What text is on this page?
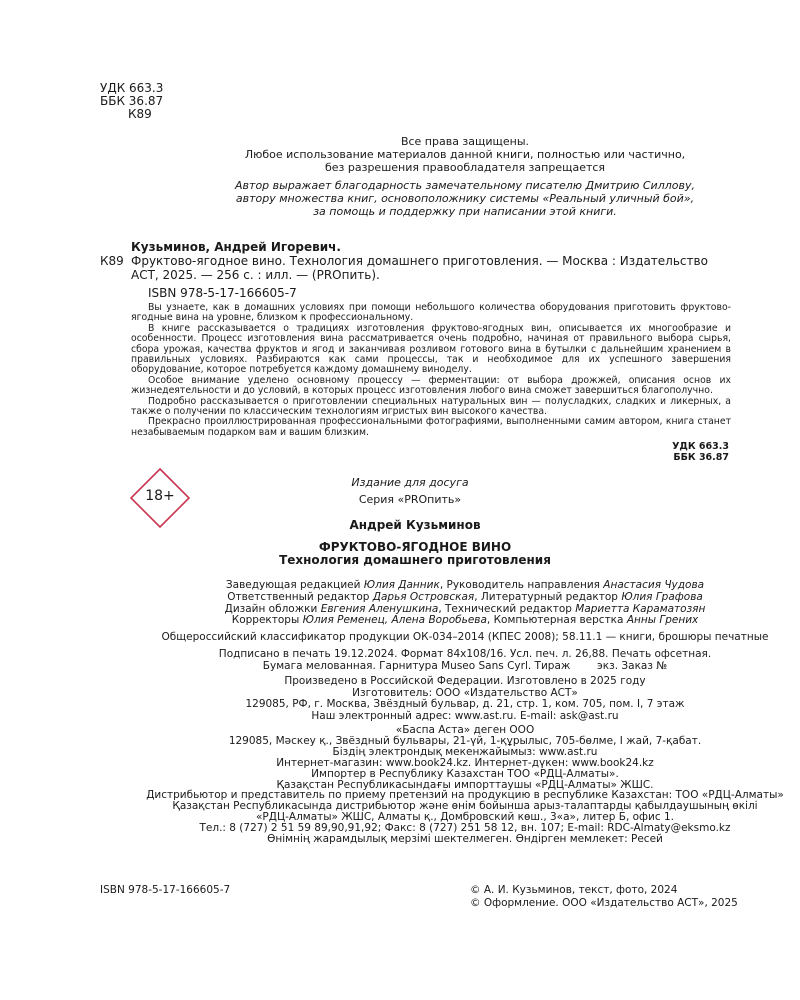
УДК 663.3
ББК 36.87
К89
Все права защищены.
Любое использование материалов данной книги, полностью или частично,
без разрешения правообладателя запрещается
Автор выражает благодарность замечательному писателю Дмитрию Силлову,
автору множества книг, основоположнику системы «Реальный уличный бой»,
за помощь и поддержку при написании этой книги.
Кузьминов, Андрей Игоревич.
К89 Фруктово-ягодное вино. Технология домашнего приготовления. — Москва : Издательство АСТ, 2025. — 256 с. : илл. — (PROпить).
ISBN 978-5-17-166605-7

Вы узнаете, как в домашних условиях при помощи небольшого количества оборудования приготовить фруктово-ягодные вина на уровне, близком к профессиональному.

В книге рассказывается о традициях изготовления фруктово-ягодных вин, описывается их многообразие и особенности. Процесс изготовления вина рассматривается очень подробно, начиная от правильного выбора сырья, сбора урожая, качества фруктов и ягод и заканчивая розливом готового вина в бутылки с дальнейшим хранением в правильных условиях. Разбираются как сами процессы, так и необходимое для их успешного завершения оборудование, которое потребуется каждому домашнему виноделу.

Особое внимание уделено основному процессу — ферментации: от выбора дрожжей, описания основ их жизнедеятельности и до условий, в которых процесс изготовления любого вина сможет завершиться благополучно.

Подробно рассказывается о приготовлении специальных натуральных вин — полусладких, сладких и ликерных, а также о получении по классическим технологиям игристых вин высокого качества.

Прекрасно проиллюстрированная профессиональными фотографиями, выполненными самим автором, книга станет незабываемым подарком вам и вашим близким.

УДК 663.3
ББК 36.87
18+
Издание для досуга
Серия «PROпить»
Андрей Кузьминов
ФРУКТОВО-ЯГОДНОЕ ВИНО
Технология домашнего приготовления
Заведующая редакцией Юлия Данник, Руководитель направления Анастасия Чудова
Ответственный редактор Дарья Островская, Литературный редактор Юлия Графова
Дизайн обложки Евгения Аленушкина, Технический редактор Мариетта Караматозян
Корректоры Юлия Ременец, Алена Воробьева, Компьютерная верстка Анны Грених
Общероссийский классификатор продукции ОК-034–2014 (КПЕС 2008); 58.11.1 — книги, брошюры печатные
Подписано в печать 19.12.2024. Формат 84х108/16. Усл. печ. л. 26,88. Печать офсетная.
Бумага мелованная. Гарнитура Museo Sans Cyrl. Тираж        экз. Заказ №
Произведено в Российской Федерации. Изготовлено в 2025 году
Изготовитель: ООО «Издательство АСТ»
129085, РФ, г. Москва, Звёздный бульвар, д. 21, стр. 1, ком. 705, пом. I, 7 этаж
Наш электронный адрес: www.ast.ru. E-mail: ask@ast.ru
«Баспа Аста» деген ООО
129085, Мәскеу қ., Звёздный бульвары, 21-үй, 1-құрылыс, 705-бөлме, I жай, 7-қабат.
Біздің электрондық мекенжайымыз: www.ast.ru
Интернет-магазин: www.book24.kz. Интернет-дүкен: www.book24.kz
Импортер в Республику Казахстан ТОО «РДЦ-Алматы».
Қазақстан Республикасындағы импорттаушы «РДЦ-Алматы» ЖШС.
Дистрибьютор и представитель по приему претензий на продукцию в республике Казахстан: ТОО «РДЦ-Алматы»
Қазақстан Республикасында дистрибьютор және өнім бойынша арыз-талаптарды қабылдаушының өкілі
«РДЦ-Алматы» ЖШС, Алматы қ., Домбровский көш., 3«а», литер Б, офис 1.
Тел.: 8 (727) 2 51 59 89,90,91,92; Факс: 8 (727) 251 58 12, вн. 107; E-mail: RDC-Almaty@eksmo.kz
Өнімнің жарамдылық мерзімі шектелмеген. Өндірген мемлекет: Ресей
ISBN 978-5-17-166605-7	© А. И. Кузьминов, текст, фото, 2024
© Оформление. ООО «Издательство АСТ», 2025
